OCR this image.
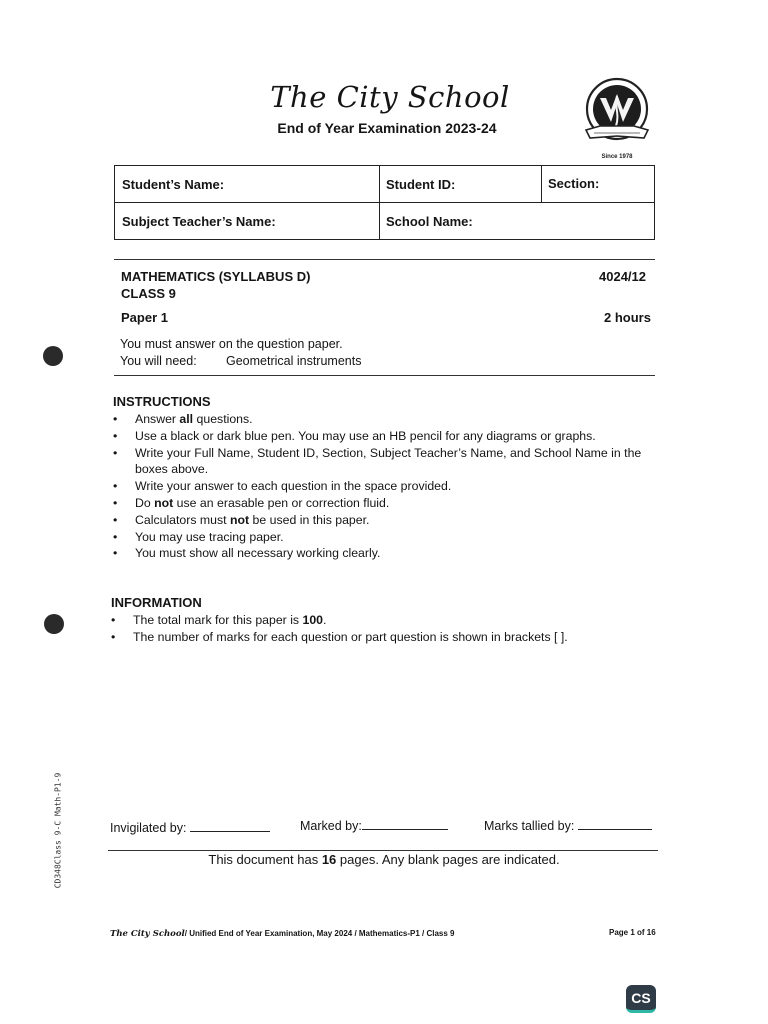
The City School
End of Year Examination 2023-24
Since 1978
Student’s Name:	Student ID:	Section:
Subject Teacher’s Name:	School Name:
MATHEMATICS (SYLLABUS D)	4024/12
CLASS 9
Paper 1	2 hours
You must answer on the question paper.
You will need: Geometrical instruments
INSTRUCTIONS
• Answer all questions.
• Use a black or dark blue pen. You may use an HB pencil for any diagrams or graphs.
• Write your Full Name, Student ID, Section, Subject Teacher’s Name, and School Name in the boxes above.
• Write your answer to each question in the space provided.
• Do not use an erasable pen or correction fluid.
• Calculators must not be used in this paper.
• You may use tracing paper.
• You must show all necessary working clearly.
INFORMATION
• The total mark for this paper is 100.
• The number of marks for each question or part question is shown in brackets [ ].
CD348Class 9-C Math-P1-9	Invigilated by:	Marked by:	Marks tallied by:
This document has 16 pages. Any blank pages are indicated.
The City School/ Unified End of Year Examination, May 2024 / Mathematics-P1 / Class 9	Page 1 of 16
CS
